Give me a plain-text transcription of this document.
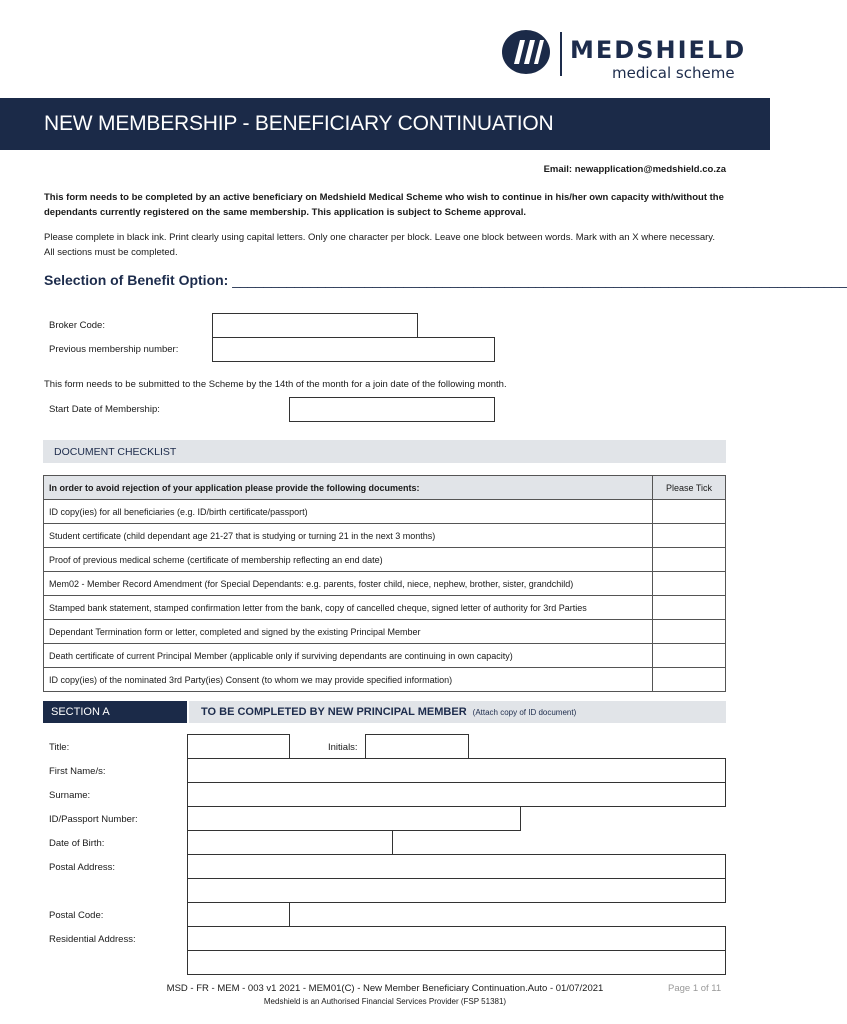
MEDSHIELD
medical scheme
NEW MEMBERSHIP - BENEFICIARY CONTINUATION
Email: newapplication@medshield.co.za
This form needs to be completed by an active beneficiary on Medshield Medical Scheme who wish to continue in his/her own capacity with/without the dependants currently registered on the same membership. This application is subject to Scheme approval.
Please complete in black ink. Print clearly using capital letters. Only one character per block. Leave one block between words. Mark with an X where necessary. All sections must be completed.
Selection of Benefit Option: _______________________________________________________________________________
Broker Code:
Previous membership number:
This form needs to be submitted to the Scheme by the 14th of the month for a join date of the following month.
Start Date of Membership:
DOCUMENT CHECKLIST
In order to avoid rejection of your application please provide the following documents:	Please Tick
ID copy(ies) for all beneficiaries (e.g. ID/birth certificate/passport)	
Student certificate (child dependant age 21-27 that is studying or turning 21 in the next 3 months)	
Proof of previous medical scheme (certificate of membership reflecting an end date)	
Mem02 - Member Record Amendment (for Special Dependants: e.g. parents, foster child, niece, nephew, brother, sister, grandchild)	
Stamped bank statement, stamped confirmation letter from the bank, copy of cancelled cheque, signed letter of authority for 3rd Parties	
Dependant Termination form or letter, completed and signed by the existing Principal Member	
Death certificate of current Principal Member (applicable only if surviving dependants are continuing in own capacity)	
ID copy(ies) of the nominated 3rd Party(ies) Consent (to whom we may provide specified information)	
SECTION A	TO BE COMPLETED BY NEW PRINCIPAL MEMBER (Attach copy of ID document)
Title:	Initials:
First Name/s:
Surname:
ID/Passport Number:
Date of Birth:
Postal Address:
Postal Code:
Residential Address:
MSD - FR - MEM - 003 v1 2021 - MEM01(C) - New Member Beneficiary Continuation.Auto - 01/07/2021
Medshield is an Authorised Financial Services Provider (FSP 51381)
Page 1 of 11
